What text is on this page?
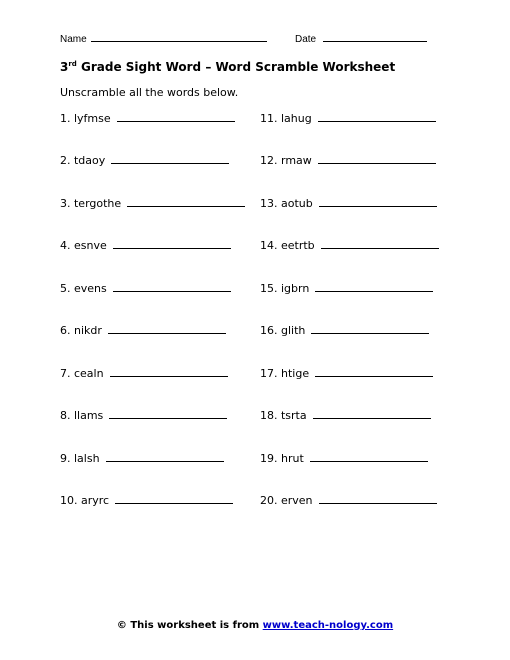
Name	Date
3rd Grade Sight Word – Word Scramble Worksheet
Unscramble all the words below.
1. lyfmse
2. tdaoy
3. tergothe
4. esnve
5. evens
6. nikdr
7. cealn
8. llams
9. lalsh
10. aryrc
11. lahug
12. rmaw
13. aotub
14. eetrtb
15. igbrn
16. glith
17. htige
18. tsrta
19. hrut
20. erven
© This worksheet is from www.teach-nology.com
